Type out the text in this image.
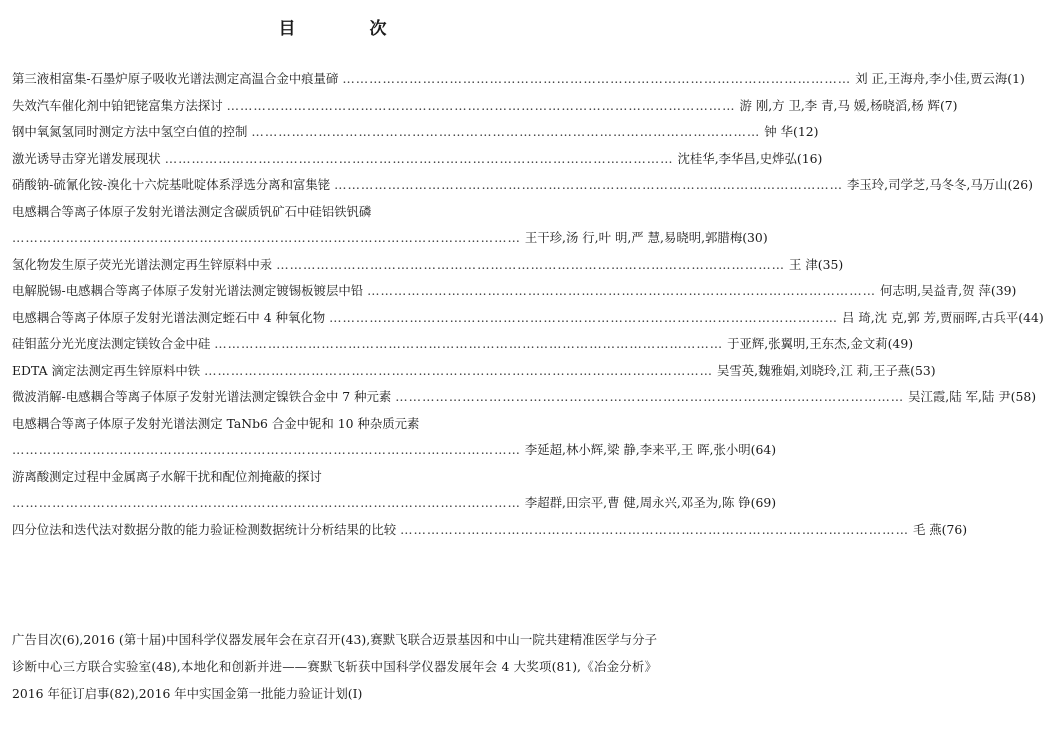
目 次
第三液相富集-石墨炉原子吸收光谱法测定高温合金中痕量碲 …………………………………………………………………………………………………… 刘 正,王海舟,李小佳,贾云海(1)
失效汽车催化剂中铂钯铑富集方法探讨 …………………………………………………………………………………………………… 游 刚,方 卫,李 青,马 媛,杨晓滔,杨 辉(7)
钢中氧氮氢同时测定方法中氢空白值的控制 …………………………………………………………………………………………………… 钟 华(12)
激光诱导击穿光谱发展现状 …………………………………………………………………………………………………… 沈桂华,李华昌,史烨弘(16)
硝酸钠-硫氰化铵-溴化十六烷基吡啶体系浮选分离和富集铑 …………………………………………………………………………………………………… 李玉玲,司学芝,马冬冬,马万山(26)
电感耦合等离子体原子发射光谱法测定含碳质钒矿石中硅铝铁钒磷
…………………………………………………………………………………………………… 王干珍,汤 行,叶 明,严 慧,易晓明,郭腊梅(30)
氢化物发生原子荧光光谱法测定再生锌原料中汞 …………………………………………………………………………………………………… 王 津(35)
电解脱锡-电感耦合等离子体原子发射光谱法测定镀锡板镀层中铅 …………………………………………………………………………………………………… 何志明,吴益青,贺 萍(39)
电感耦合等离子体原子发射光谱法测定蛭石中 4 种氧化物 …………………………………………………………………………………………………… 吕 琦,沈 克,郭 芳,贾丽晖,古兵平(44)
硅钼蓝分光光度法测定镁钕合金中硅 …………………………………………………………………………………………………… 于亚辉,张翼明,王东杰,金文莉(49)
EDTA 滴定法测定再生锌原料中铁 …………………………………………………………………………………………………… 吴雪英,魏雅娟,刘晓玲,江 莉,王子燕(53)
微波消解-电感耦合等离子体原子发射光谱法测定镍铁合金中 7 种元素 …………………………………………………………………………………………………… 吴江霞,陆 军,陆 尹(58)
电感耦合等离子体原子发射光谱法测定 TaNb6 合金中铌和 10 种杂质元素
…………………………………………………………………………………………………… 李延超,林小辉,梁 静,李来平,王 晖,张小明(64)
游离酸测定过程中金属离子水解干扰和配位剂掩蔽的探讨
…………………………………………………………………………………………………… 李超群,田宗平,曹 健,周永兴,邓圣为,陈 铮(69)
四分位法和迭代法对数据分散的能力验证检测数据统计分析结果的比较 …………………………………………………………………………………………………… 毛 燕(76)
广告目次(6),2016 (第十届)中国科学仪器发展年会在京召开(43),赛默飞联合迈景基因和中山一院共建精准医学与分子诊断中心三方联合实验室(48),本地化和创新并进——赛默飞斩获中国科学仪器发展年会 4 大奖项(81),《冶金分析》2016 年征订启事(82),2016 年中实国金第一批能力验证计划(Ⅰ)
